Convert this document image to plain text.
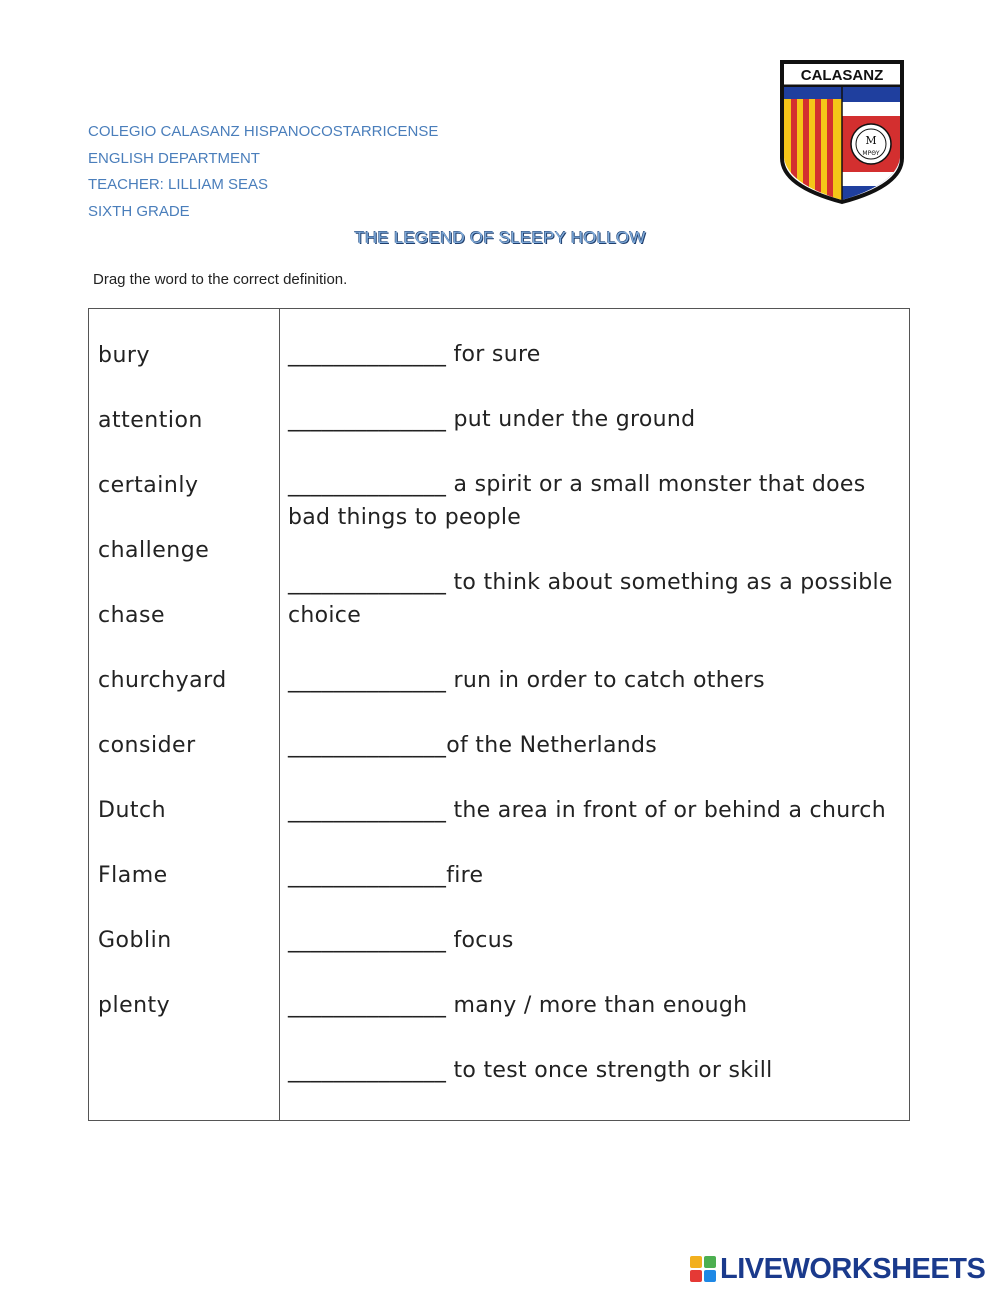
COLEGIO CALASANZ HISPANOCOSTARRICENSE
ENGLISH DEPARTMENT
TEACHER: LILLIAM SEAS
SIXTH GRADE
CALASANZ
M
MPΘY
THE LEGEND OF SLEEPY HOLLOW
Drag the word to the correct definition.
bury
attention
certainly
challenge
chase
churchyard
consider
Dutch
Flame
Goblin
plenty
______________ for sure
______________ put under the ground
______________ a spirit or a small monster that does bad things to people
______________ to think about something as a possible choice
______________ run in order to catch others
______________of the Netherlands
______________ the area in front of or behind a church
______________fire
______________ focus
______________ many / more than enough
______________ to test once strength or skill
LIVEWORKSHEETS
